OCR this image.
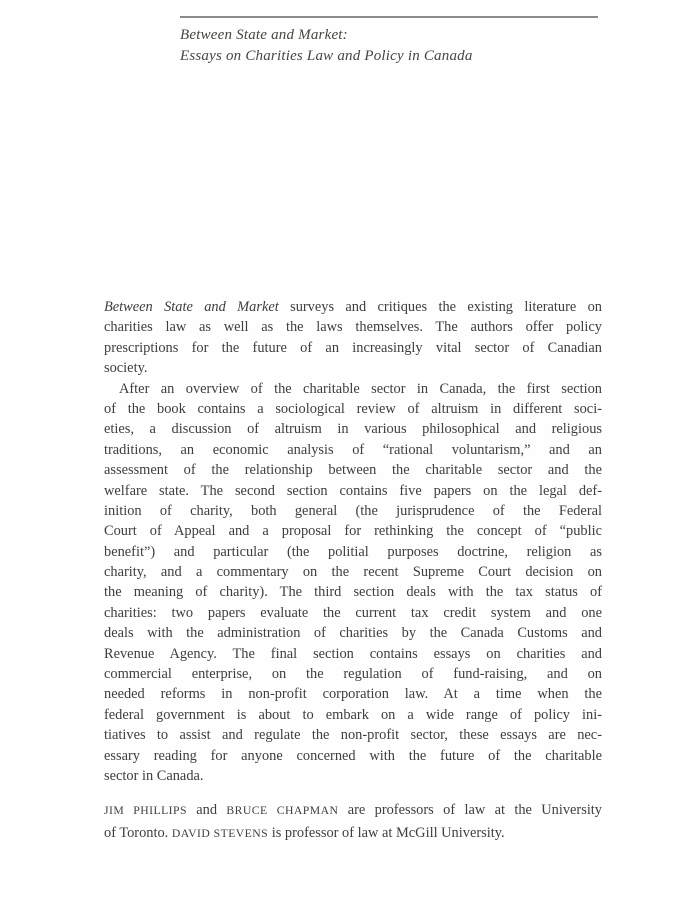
Between State and Market:
Essays on Charities Law and Policy in Canada
Between State and Market surveys and critiques the existing literature on
charities law as well as the laws themselves. The authors offer policy
prescriptions for the future of an increasingly vital sector of Canadian
society.
After an overview of the charitable sector in Canada, the first section
of the book contains a sociological review of altruism in different soci-
eties, a discussion of altruism in various philosophical and religious
traditions, an economic analysis of “rational voluntarism,” and an
assessment of the relationship between the charitable sector and the
welfare state. The second section contains five papers on the legal def-
inition of charity, both general (the jurisprudence of the Federal
Court of Appeal and a proposal for rethinking the concept of “public
benefit”) and particular (the politial purposes doctrine, religion as
charity, and a commentary on the recent Supreme Court decision on
the meaning of charity). The third section deals with the tax status of
charities: two papers evaluate the current tax credit system and one
deals with the administration of charities by the Canada Customs and
Revenue Agency. The final section contains essays on charities and
commercial enterprise, on the regulation of fund-raising, and on
needed reforms in non-profit corporation law. At a time when the
federal government is about to embark on a wide range of policy ini-
tiatives to assist and regulate the non-profit sector, these essays are nec-
essary reading for anyone concerned with the future of the charitable
sector in Canada.
JIM PHILLIPS and BRUCE CHAPMAN are professors of law at the University
of Toronto. DAVID STEVENS is professor of law at McGill University.
